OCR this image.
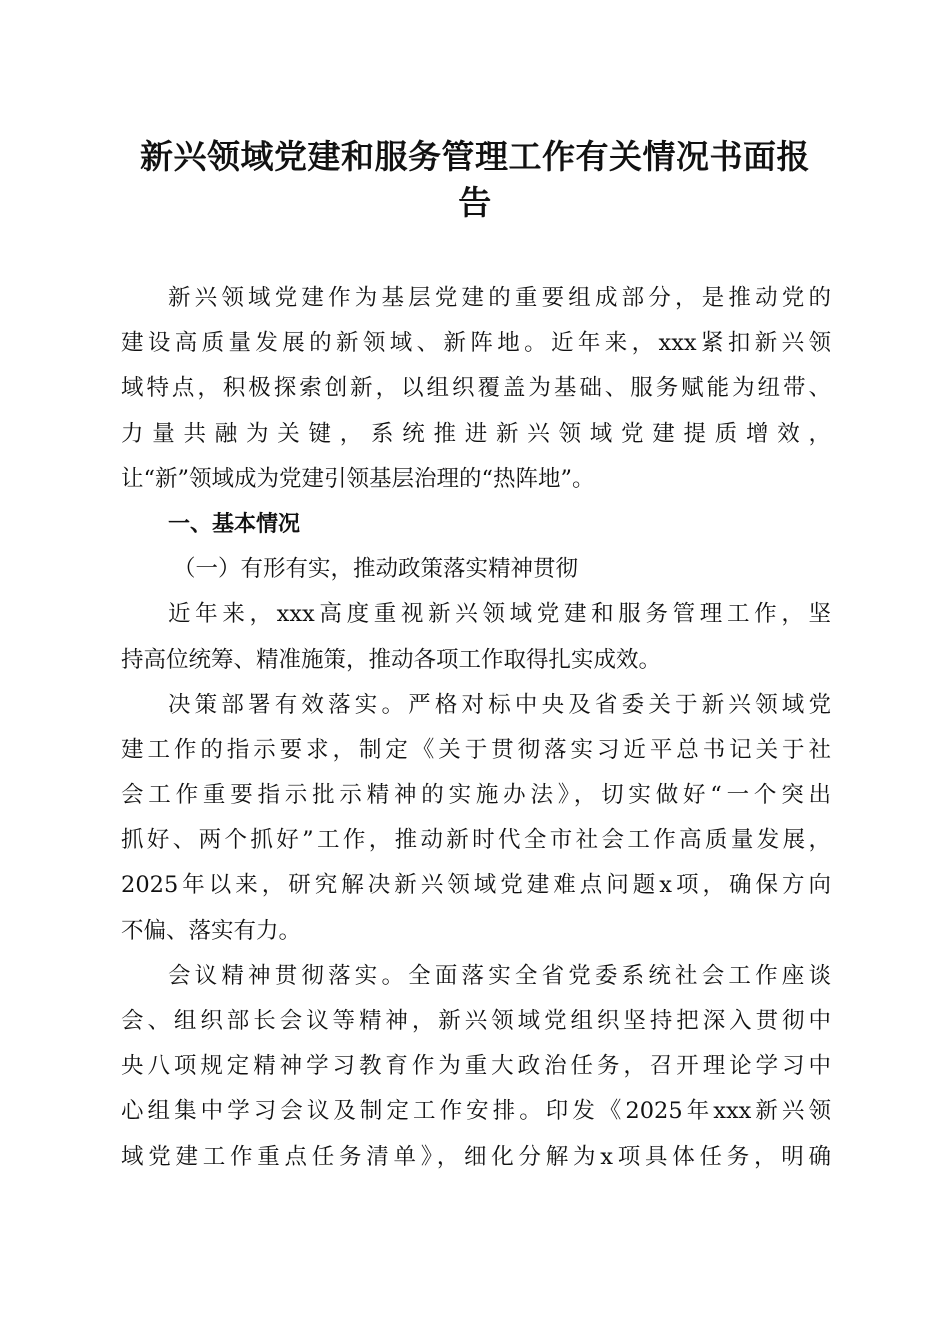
新兴领域党建和服务管理工作有关情况书面报
告
新兴领域党建作为基层党建的重要组成部分，是推动党的
建设高质量发展的新领域、新阵地。近年来，xxx紧扣新兴领
域特点，积极探索创新，以组织覆盖为基础、服务赋能为纽带、
力量共融为关键，系统推进新兴领域党建提质增效，
让“新”领域成为党建引领基层治理的“热阵地”。
一、基本情况
（一）有形有实，推动政策落实精神贯彻
近年来，xxx高度重视新兴领域党建和服务管理工作，坚
持高位统筹、精准施策，推动各项工作取得扎实成效。
决策部署有效落实。严格对标中央及省委关于新兴领域党
建工作的指示要求，制定《关于贯彻落实习近平总书记关于社
会工作重要指示批示精神的实施办法》，切实做好“一个突出
抓好、两个抓好”工作，推动新时代全市社会工作高质量发展，
2025年以来，研究解决新兴领域党建难点问题x项，确保方向
不偏、落实有力。
会议精神贯彻落实。全面落实全省党委系统社会工作座谈
会、组织部长会议等精神，新兴领域党组织坚持把深入贯彻中
央八项规定精神学习教育作为重大政治任务，召开理论学习中
心组集中学习会议及制定工作安排。印发《2025年xxx新兴领
域党建工作重点任务清单》，细化分解为x项具体任务，明确
